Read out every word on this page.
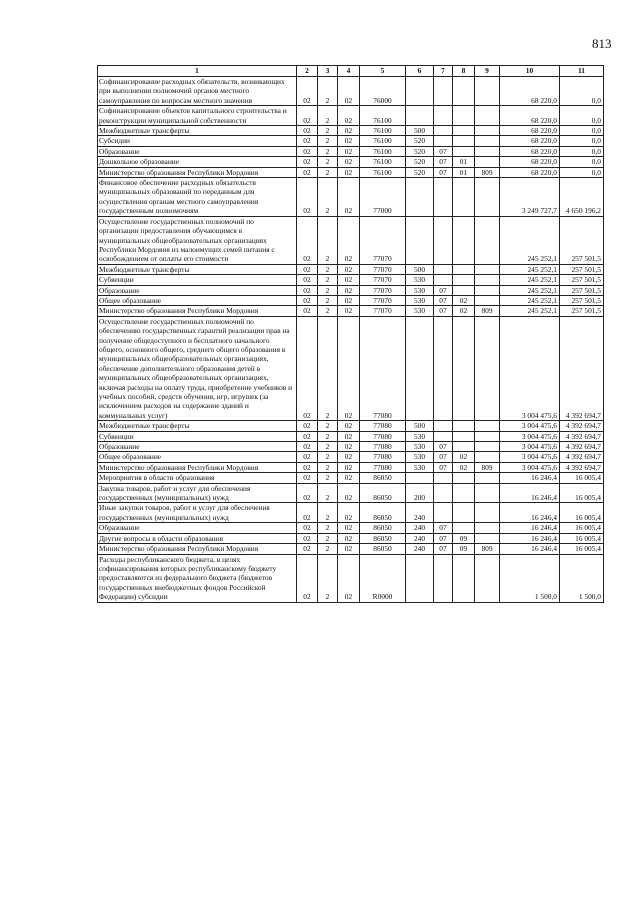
813
1	2	3	4	5	6	7	8	9	10	11
Софинансирование расходных обязательств, возникающих при выполнении полномочий органов местного самоуправления по вопросам местного значения	02	2	02	76000					68 220,0	0,0
Софинансирование объектов капитального строительства и реконструкции муниципальной собственности	02	2	02	76100					68 220,0	0,0
Межбюджетные трансферты	02	2	02	76100	500				68 220,0	0,0
Субсидии	02	2	02	76100	520				68 220,0	0,0
Образование	02	2	02	76100	520	07			68 220,0	0,0
Дошкольное образование	02	2	02	76100	520	07	01		68 220,0	0,0
Министерство образования Республики Мордовия	02	2	02	76100	520	07	01	809	68 220,0	0,0
Финансовое обеспечение расходных обязательств муниципальных образований по переданным для осуществления органам местного самоуправления государственным полномочиям	02	2	02	77000					3 249 727,7	4 650 196,2
Осуществление государственных полномочий по организации предоставления обучающимся в муниципальных общеобразовательных организациях Республики Мордовия из малоимущих семей питания с освобождением от оплаты его стоимости	02	2	02	77070					245 252,1	257 501,5
Межбюджетные трансферты	02	2	02	77070	500				245 252,1	257 501,5
Субвенции	02	2	02	77070	530				245 252,1	257 501,5
Образование	02	2	02	77070	530	07			245 252,1	257 501,5
Общее образование	02	2	02	77070	530	07	02		245 252,1	257 501,5
Министерство образования Республики Мордовия	02	2	02	77070	530	07	02	809	245 252,1	257 501,5
Осуществление государственных полномочий по обеспечению государственных гарантий реализации прав на получение общедоступного и бесплатного начального общего, основного общего, среднего общего образования в муниципальных общеобразовательных организациях, обеспечение дополнительного образования детей в муниципальных общеобразовательных организациях, включая расходы на оплату труда, приобретение учебников и учебных пособий, средств обучения, игр, игрушек (за исключением расходов на содержание зданий и коммунальных услуг)	02	2	02	77080					3 004 475,6	4 392 694,7
Межбюджетные трансферты	02	2	02	77080	500				3 004 475,6	4 392 694,7
Субвенции	02	2	02	77080	530				3 004 475,6	4 392 694,7
Образование	02	2	02	77080	530	07			3 004 475,6	4 392 694,7
Общее образование	02	2	02	77080	530	07	02		3 004 475,6	4 392 694,7
Министерство образования Республики Мордовия	02	2	02	77080	530	07	02	809	3 004 475,6	4 392 694,7
Мероприятия в области образования	02	2	02	86050					16 246,4	16 005,4
Закупка товаров, работ и услуг для обеспечения государственных (муниципальных) нужд	02	2	02	86050	200				16 246,4	16 005,4
Иные закупки товаров, работ и услуг для обеспечения государственных (муниципальных) нужд	02	2	02	86050	240				16 246,4	16 005,4
Образование	02	2	02	86050	240	07			16 246,4	16 005,4
Другие вопросы в области образования	02	2	02	86050	240	07	09		16 246,4	16 005,4
Министерство образования Республики Мордовия	02	2	02	86050	240	07	09	809	16 246,4	16 005,4
Расходы республиканского бюджета, в целях софинансирования которых республиканскому бюджету предоставляются из федерального бюджета (бюджетов государственных внебюджетных фондов Российской Федерации) субсидии	02	2	02	R0000					1 500,0	1 500,0
